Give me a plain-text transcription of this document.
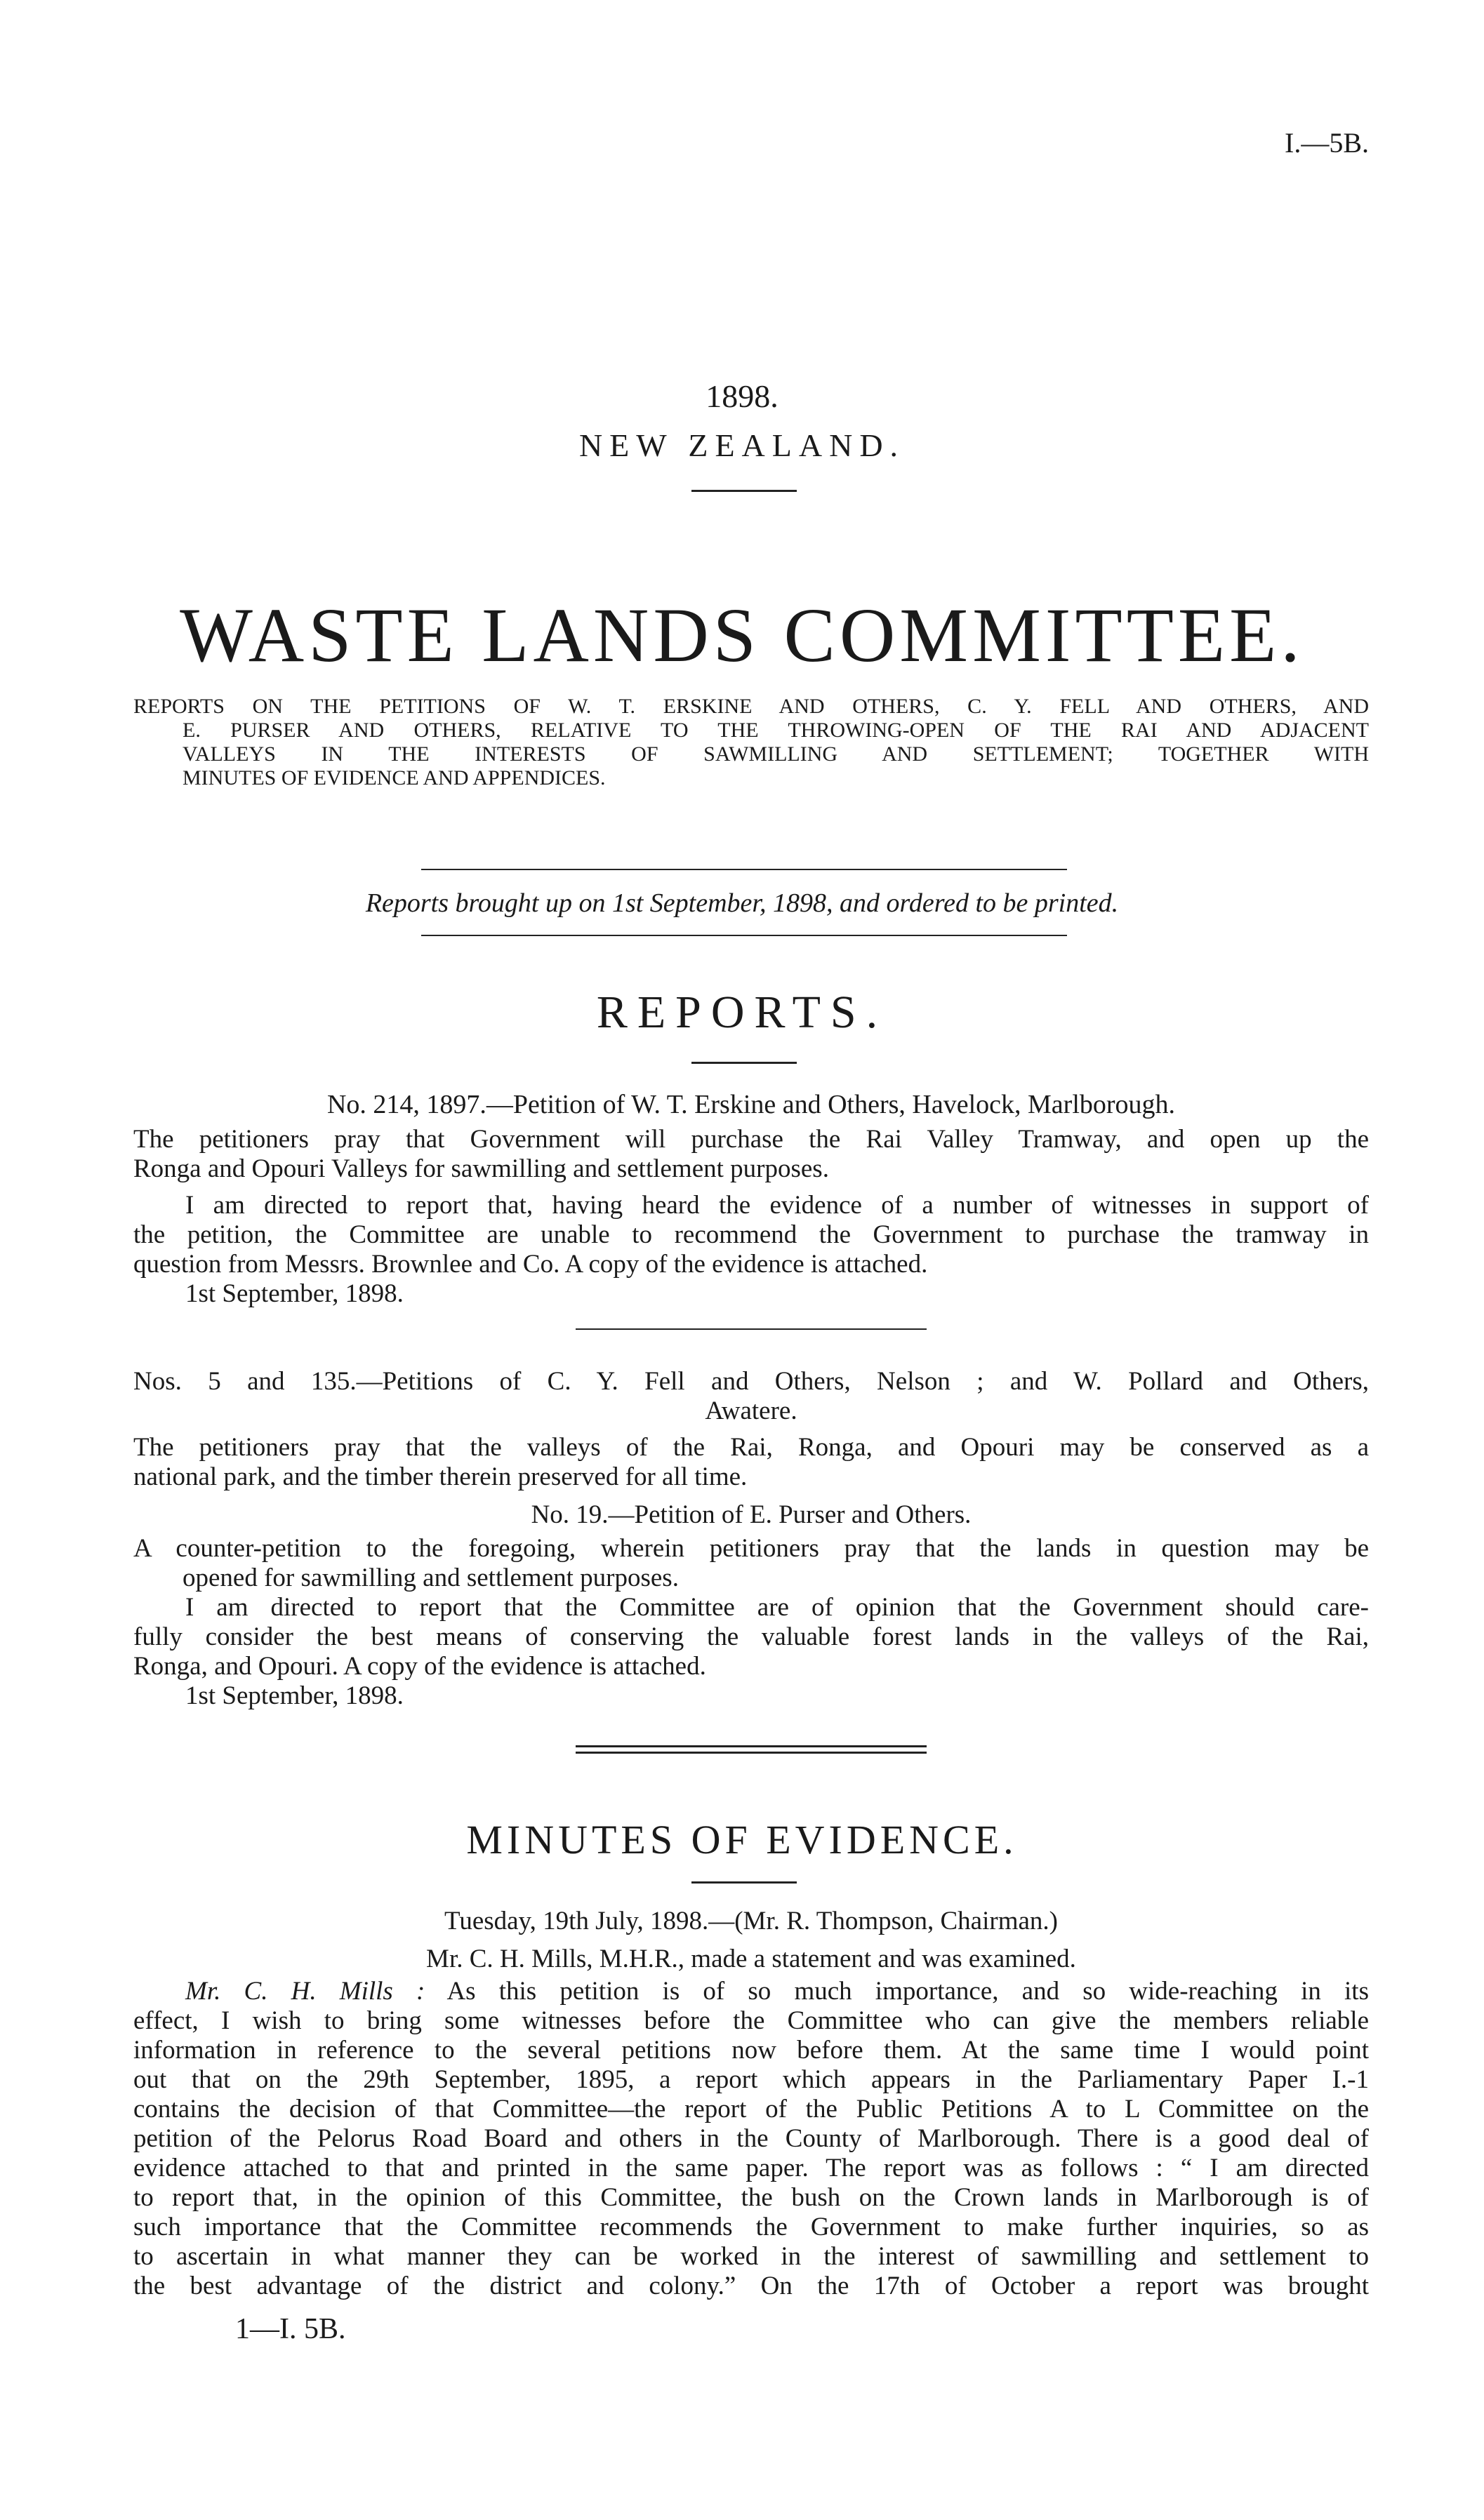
I.—5B.
1898.
NEW ZEALAND.
WASTE LANDS COMMITTEE.
REPORTS ON THE PETITIONS OF W. T. ERSKINE AND OTHERS, C. Y. FELL AND OTHERS, AND
E. PURSER AND OTHERS, RELATIVE TO THE THROWING-OPEN OF THE RAI AND ADJACENT
VALLEYS IN THE INTERESTS OF SAWMILLING AND SETTLEMENT; TOGETHER WITH
MINUTES OF EVIDENCE AND APPENDICES.
Reports brought up on 1st September, 1898, and ordered to be printed.
REPORTS.
No. 214, 1897.—Petition of W. T. Erskine and Others, Havelock, Marlborough.
The petitioners pray that Government will purchase the Rai Valley Tramway, and open up the
Ronga and Opouri Valleys for sawmilling and settlement purposes.
I am directed to report that, having heard the evidence of a number of witnesses in support of
the petition, the Committee are unable to recommend the Government to purchase the tramway in
question from Messrs. Brownlee and Co. A copy of the evidence is attached.
1st September, 1898.
Nos. 5 and 135.—Petitions of C. Y. Fell and Others, Nelson ; and W. Pollard and Others,
Awatere.
The petitioners pray that the valleys of the Rai, Ronga, and Opouri may be conserved as a
national park, and the timber therein preserved for all time.
No. 19.—Petition of E. Purser and Others.
A counter-petition to the foregoing, wherein petitioners pray that the lands in question may be
opened for sawmilling and settlement purposes.
I am directed to report that the Committee are of opinion that the Government should care-
fully consider the best means of conserving the valuable forest lands in the valleys of the Rai,
Ronga, and Opouri. A copy of the evidence is attached.
1st September, 1898.
MINUTES OF EVIDENCE.
Tuesday, 19th July, 1898.—(Mr. R. Thompson, Chairman.)
Mr. C. H. Mills, M.H.R., made a statement and was examined.
Mr. C. H. Mills : As this petition is of so much importance, and so wide-reaching in its
effect, I wish to bring some witnesses before the Committee who can give the members reliable
information in reference to the several petitions now before them. At the same time I would point
out that on the 29th September, 1895, a report which appears in the Parliamentary Paper I.-1
contains the decision of that Committee—the report of the Public Petitions A to L Committee on the
petition of the Pelorus Road Board and others in the County of Marlborough. There is a good deal of
evidence attached to that and printed in the same paper. The report was as follows : “ I am directed
to report that, in the opinion of this Committee, the bush on the Crown lands in Marlborough is of
such importance that the Committee recommends the Government to make further inquiries, so as
to ascertain in what manner they can be worked in the interest of sawmilling and settlement to
the best advantage of the district and colony.” On the 17th of October a report was brought
1—I. 5B.
